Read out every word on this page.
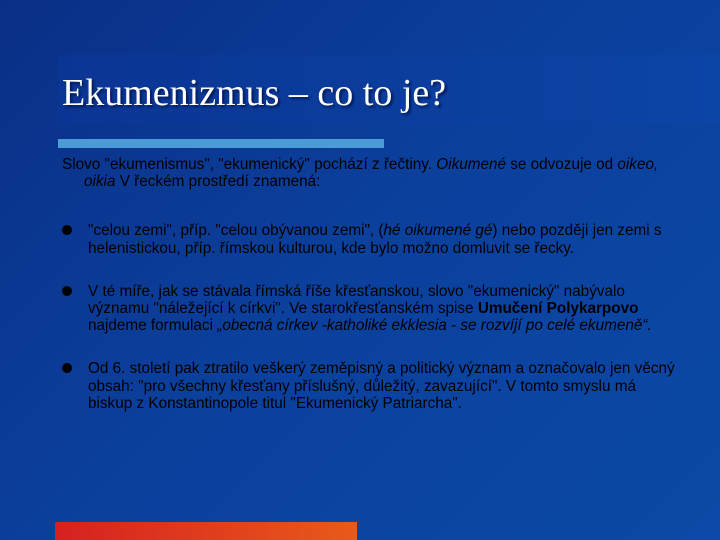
Ekumenizmus – co to je?

Slovo "ekumenismus", "ekumenický" pochází z řečtiny. Oikumené se odvozuje od oikeo, oikia V řeckém prostředí znamená:

"celou zemi", příp. "celou obývanou zemi", (hé oikumené gé) nebo později jen zemi s helenistickou, příp. římskou kulturou, kde bylo možno domluvit se řecky.
V té míře, jak se stávala římská říše křesťanskou, slovo "ekumenický" nabývalo významu "náležející k církvi". Ve starokřesťanském spise Umučení Polykarpovo najdeme formulaci „obecná církev -katholiké ekklesia - se rozvíjí po celé ekumeně“.
Od 6. století pak ztratilo veškerý zeměpisný a politický význam a označovalo jen věcný obsah: "pro všechny křesťany příslušný, důležitý, zavazující". V tomto smyslu má biskup z Konstantinopole titul "Ekumenický Patriarcha".
